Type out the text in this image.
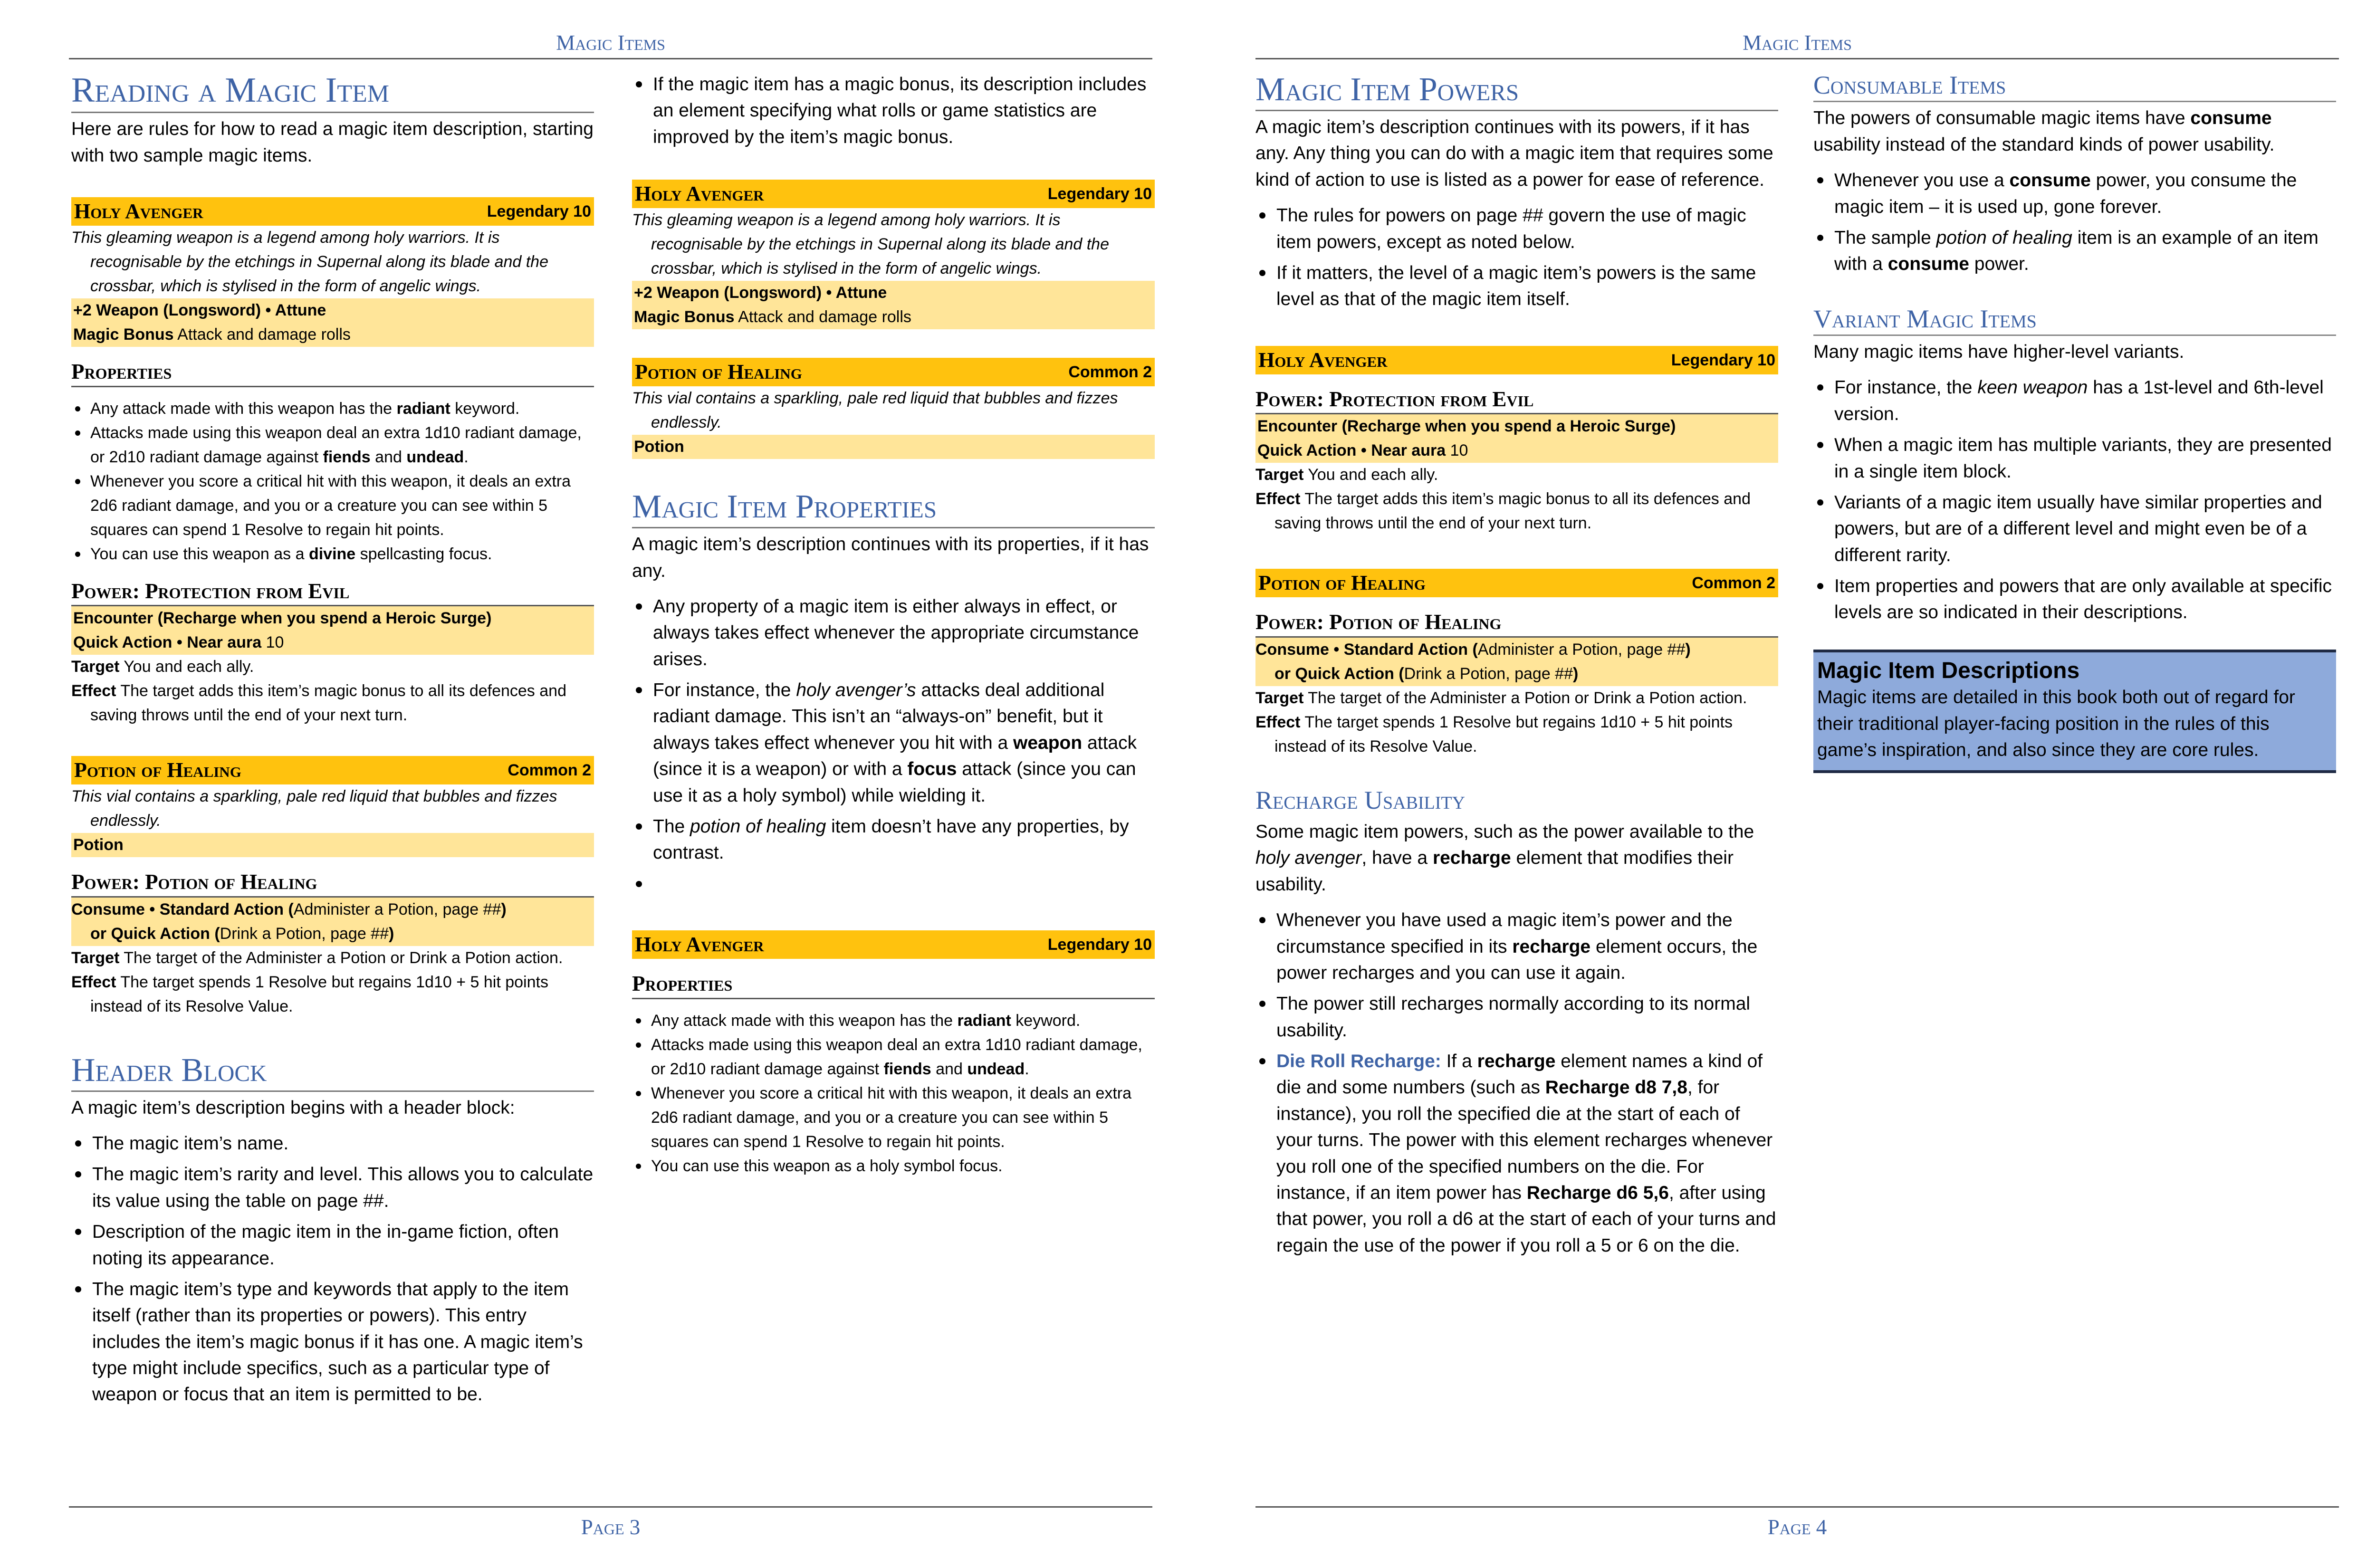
Magic Items
Reading a Magic Item

Here are rules for how to read a magic item description, starting with two sample magic items.

Holy Avenger	Legendary 10
This gleaming weapon is a legend among holy warriors. It is recognisable by the etchings in Supernal along its blade and the crossbar, which is stylised in the form of angelic wings.
+2 Weapon (Longsword) • Attune
Magic Bonus Attack and damage rolls
Properties
Any attack made with this weapon has the radiant keyword.
Attacks made using this weapon deal an extra 1d10 radiant damage, or 2d10 radiant damage against fiends and undead.
Whenever you score a critical hit with this weapon, it deals an extra 2d6 radiant damage, and you or a creature you can see within 5 squares can spend 1 Resolve to regain hit points.
You can use this weapon as a divine spellcasting focus.
Power: Protection from Evil
Encounter (Recharge when you spend a Heroic Surge)
Quick Action • Near aura 10
Target You and each ally.
Effect The target adds this item’s magic bonus to all its defences and saving throws until the end of your next turn.
Potion of Healing	Common 2
This vial contains a sparkling, pale red liquid that bubbles and fizzes endlessly.
Potion
Power: Potion of Healing
Consume • Standard Action (Administer a Potion, page ##)
or Quick Action (Drink a Potion, page ##)
Target The target of the Administer a Potion or Drink a Potion action.
Effect The target spends 1 Resolve but regains 1d10 + 5 hit points instead of its Resolve Value.
Header Block

A magic item’s description begins with a header block:

The magic item’s name.
The magic item’s rarity and level. This allows you to calculate its value using the table on page ##.
Description of the magic item in the in-game fiction, often noting its appearance.
The magic item’s type and keywords that apply to the item itself (rather than its properties or powers). This entry includes the item’s magic bonus if it has one. A magic item’s type might include specifics, such as a particular type of weapon or focus that an item is permitted to be.
If the magic item has a magic bonus, its description includes an element specifying what rolls or game statistics are improved by the item’s magic bonus.
Holy Avenger	Legendary 10
This gleaming weapon is a legend among holy warriors. It is recognisable by the etchings in Supernal along its blade and the crossbar, which is stylised in the form of angelic wings.
+2 Weapon (Longsword) • Attune
Magic Bonus Attack and damage rolls
Potion of Healing	Common 2
This vial contains a sparkling, pale red liquid that bubbles and fizzes endlessly.
Potion
Magic Item Properties

A magic item’s description continues with its properties, if it has any.

Any property of a magic item is either always in effect, or always takes effect whenever the appropriate circumstance arises.
For instance, the holy avenger’s attacks deal additional radiant damage. This isn’t an “always-on” benefit, but it always takes effect whenever you hit with a weapon attack (since it is a weapon) or with a focus attack (since you can use it as a holy symbol) while wielding it.
The potion of healing item doesn’t have any properties, by contrast.

Holy Avenger	Legendary 10
Properties
Any attack made with this weapon has the radiant keyword.
Attacks made using this weapon deal an extra 1d10 radiant damage, or 2d10 radiant damage against fiends and undead.
Whenever you score a critical hit with this weapon, it deals an extra 2d6 radiant damage, and you or a creature you can see within 5 squares can spend 1 Resolve to regain hit points.
You can use this weapon as a holy symbol focus.
Page 3
Magic Items
Magic Item Powers

A magic item’s description continues with its powers, if it has any. Any thing you can do with a magic item that requires some kind of action to use is listed as a power for ease of reference.

The rules for powers on page ## govern the use of magic item powers, except as noted below.
If it matters, the level of a magic item’s powers is the same level as that of the magic item itself.
Holy Avenger	Legendary 10
Power: Protection from Evil
Encounter (Recharge when you spend a Heroic Surge)
Quick Action • Near aura 10
Target You and each ally.
Effect The target adds this item’s magic bonus to all its defences and saving throws until the end of your next turn.
Potion of Healing	Common 2
Power: Potion of Healing
Consume • Standard Action (Administer a Potion, page ##)
or Quick Action (Drink a Potion, page ##)
Target The target of the Administer a Potion or Drink a Potion action.
Effect The target spends 1 Resolve but regains 1d10 + 5 hit points instead of its Resolve Value.
Recharge Usability

Some magic item powers, such as the power available to the holy avenger, have a recharge element that modifies their usability.

Whenever you have used a magic item’s power and the circumstance specified in its recharge element occurs, the power recharges and you can use it again.
The power still recharges normally according to its normal usability.
Die Roll Recharge: If a recharge element names a kind of die and some numbers (such as Recharge d8 7,8, for instance), you roll the specified die at the start of each of your turns. The power with this element recharges whenever you roll one of the specified numbers on the die. For instance, if an item power has Recharge d6 5,6, after using that power, you roll a d6 at the start of each of your turns and regain the use of the power if you roll a 5 or 6 on the die.
Consumable Items

The powers of consumable magic items have consume usability instead of the standard kinds of power usability.

Whenever you use a consume power, you consume the magic item – it is used up, gone forever.
The sample potion of healing item is an example of an item with a consume power.
Variant Magic Items

Many magic items have higher-level variants.

For instance, the keen weapon has a 1st-level and 6th-level version.
When a magic item has multiple variants, they are presented in a single item block.
Variants of a magic item usually have similar properties and powers, but are of a different level and might even be of a different rarity.
Item properties and powers that are only available at specific levels are so indicated in their descriptions.
Magic Item Descriptions
Magic items are detailed in this book both out of regard for their traditional player-facing position in the rules of this game’s inspiration, and also since they are core rules.
Page 4
